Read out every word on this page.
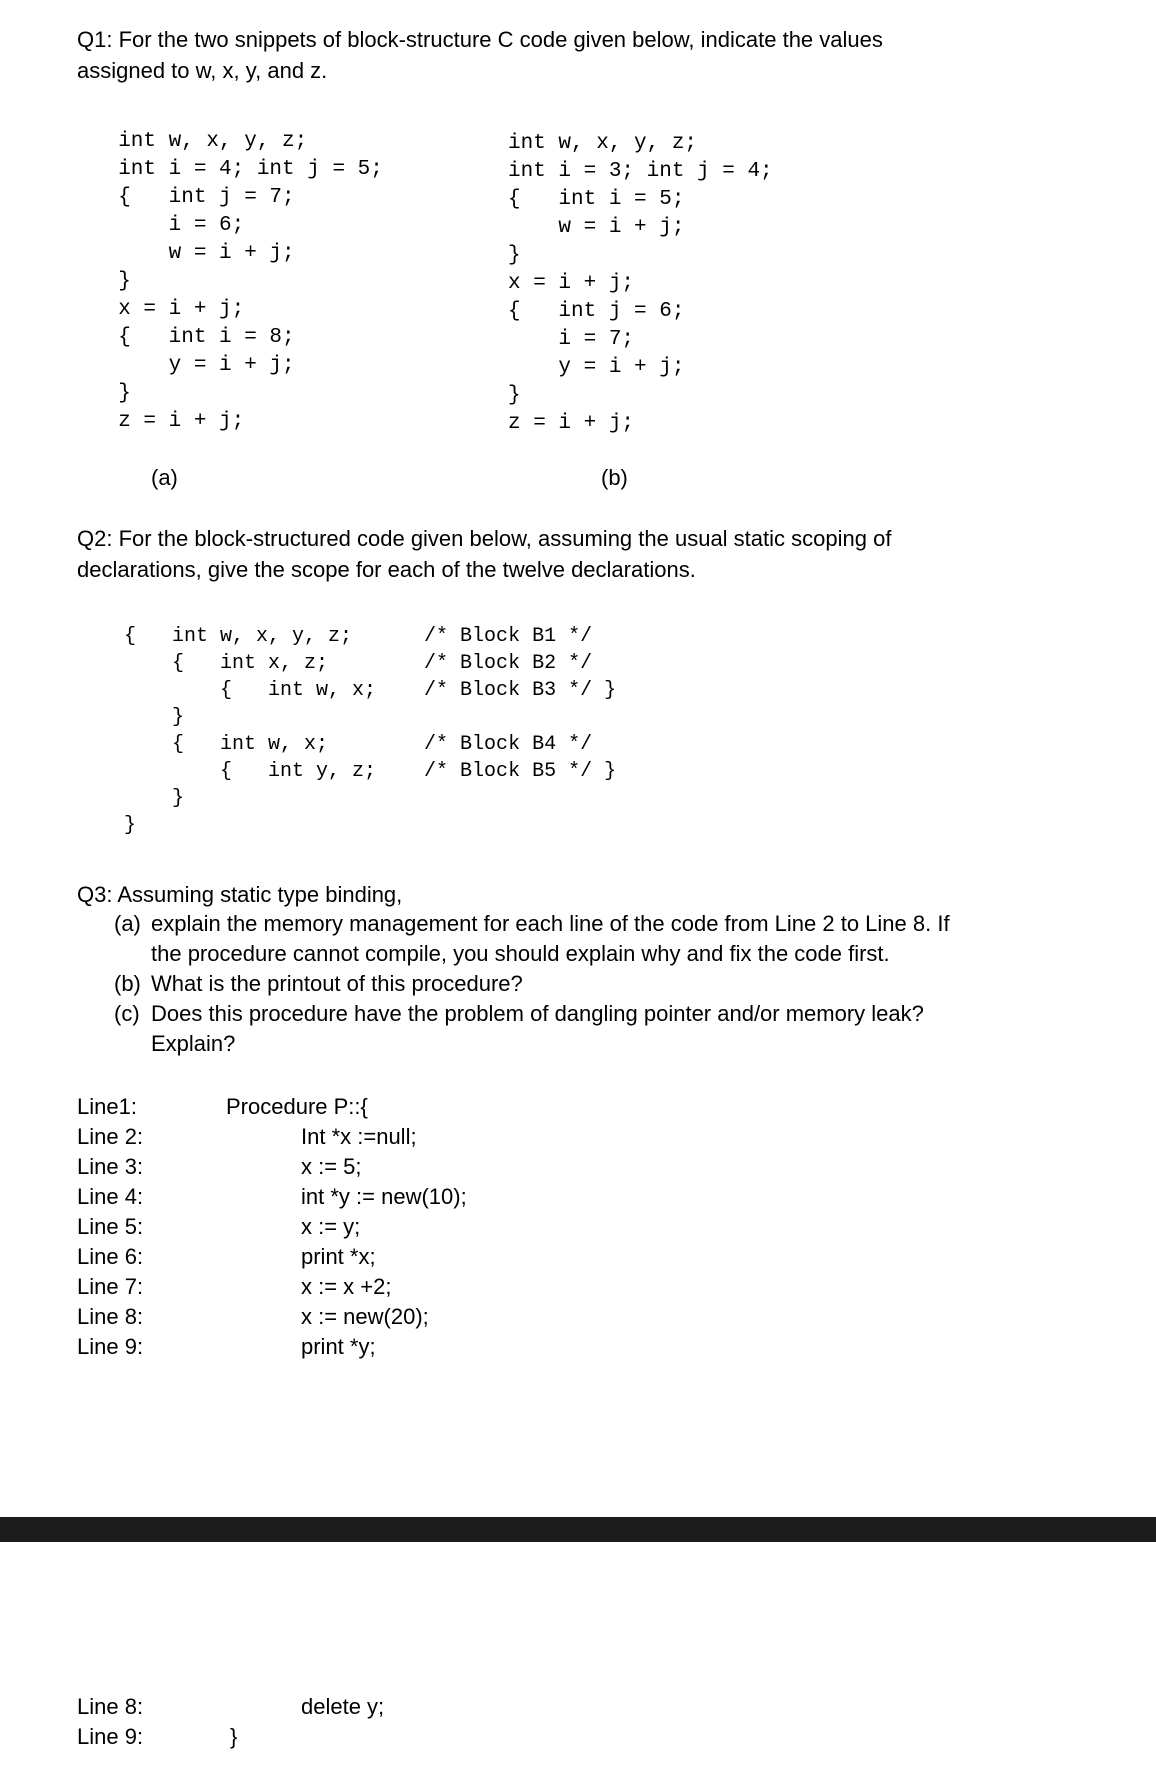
Q1: For the two snippets of block-structure C code given below, indicate the values
assigned to w, x, y, and z.
int w, x, y, z;
int i = 4; int j = 5;
{   int j = 7;
i = 6;
w = i + j;
}
x = i + j;
{   int i = 8;
y = i + j;
}
z = i + j;
int w, x, y, z;
int i = 3; int j = 4;
{   int i = 5;
w = i + j;
}
x = i + j;
{   int j = 6;
i = 7;
y = i + j;
}
z = i + j;
(a)	(b)
Q2: For the block-structured code given below, assuming the usual static scoping of
declarations, give the scope for each of the twelve declarations.
{   int w, x, y, z;      /* Block B1 */
{   int x, z;        /* Block B2 */
{   int w, x;    /* Block B3 */ }
}
{   int w, x;        /* Block B4 */
{   int y, z;    /* Block B5 */ }
}
}
Q3: Assuming static type binding,
(a) explain the memory management for each line of the code from Line 2 to Line 8. If
the procedure cannot compile, you should explain why and fix the code first.
(b) What is the printout of this procedure?
(c) Does this procedure have the problem of dangling pointer and/or memory leak?
Explain?
Line1:	Procedure P::{
Line 2:	Int *x :=null;
Line 3:	x := 5;
Line 4:	int *y := new(10);
Line 5:	x := y;
Line 6:	print *x;
Line 7:	x := x +2;
Line 8:	x := new(20);
Line 9:	print *y;
Line 8:	delete y;
Line 9:	}
